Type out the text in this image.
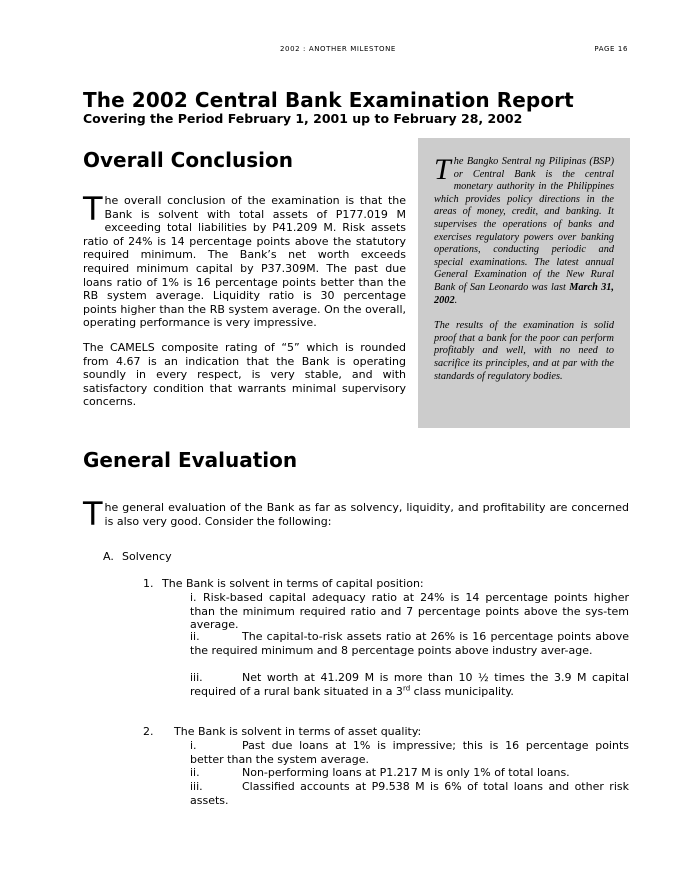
2002 : ANOTHER MILESTONE	PAGE 16
The 2002 Central Bank Examination Report
Covering the Period February 1, 2001 up to February 28, 2002
Overall Conclusion

The overall conclusion of the examination is that the Bank is solvent with total assets of P177.019 M exceeding total liabilities by P41.209 M. Risk assets ratio of 24% is 14 percentage points above the statutory required minimum. The Bank’s net worth exceeds required minimum capital by P37.309M. The past due loans ratio of 1% is 16 percentage points better than the RB system average. Liquidity ratio is 30 percentage points higher than the RB system average. On the overall, operating performance is very impressive.

The CAMELS composite rating of “5” which is rounded from 4.67 is an indication that the Bank is operating soundly in every respect, is very stable, and with satisfactory condition that warrants minimal supervisory concerns.

The Bangko Sentral ng Pilipinas (BSP) or Central Bank is the central monetary authority in the Philippines which provides policy directions in the areas of money, credit, and banking. It supervises the operations of banks and exercises regulatory powers over banking operations, conducting periodic and special examinations. The latest annual General Examination of the New Rural Bank of San Leonardo was last March 31, 2002.

The results of the examination is solid proof that a bank for the poor can perform profitably and well, with no need to sacrifice its principles, and at par with the standards of regulatory bodies.

General Evaluation

The general evaluation of the Bank as far as solvency, liquidity, and profitability are concerned is also very good. Consider the following:

A. Solvency
1. The Bank is solvent in terms of capital position:
i. Risk-based capital adequacy ratio at 24% is 14 percentage points higher than the minimum required ratio and 7 percentage points above the sys-tem average.
ii.	The capital-to-risk assets ratio at 26% is 16 percentage points above the required minimum and 8 percentage points above industry aver-age.
iii.	Net worth at 41.209 M is more than 10 ½ times the 3.9 M capital required of a rural bank situated in a 3rd class municipality.
2. The Bank is solvent in terms of asset quality:
i.	Past due loans at 1% is impressive; this is 16 percentage points better than the system average.
ii.	Non-performing loans at P1.217 M is only 1% of total loans.
iii.	Classified accounts at P9.538 M is 6% of total loans and other risk assets.
